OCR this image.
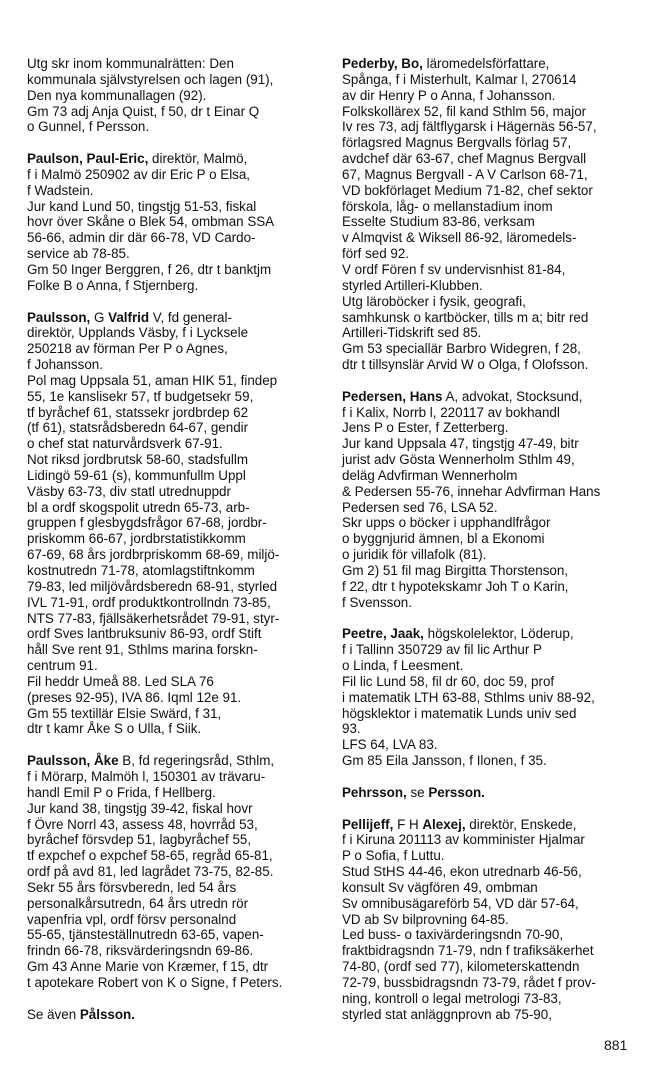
Utg skr inom kommunalrätten: Den
kommunala självstyrelsen och lagen (91),
Den nya kommunallagen (92).
Gm 73 adj Anja Quist, f 50, dr t Einar Q
o Gunnel, f Persson.
Paulson, Paul-Eric, direktör, Malmö,
f i Malmö 250902 av dir Eric P o Elsa,
f Wadstein.
Jur kand Lund 50, tingstjg 51-53, fiskal
hovr över Skåne o Blek 54, ombman SSA
56-66, admin dir där 66-78, VD Cardo-
service ab 78-85.
Gm 50 Inger Berggren, f 26, dtr t banktjm
Folke B o Anna, f Stjernberg.
Paulsson, G Valfrid V, fd general-
direktör, Upplands Väsby, f i Lycksele
250218 av förman Per P o Agnes,
f Johansson.
Pol mag Uppsala 51, aman HIK 51, findep
55, 1e kanslisekr 57, tf budgetsekr 59,
tf byråchef 61, statssekr jordbrdep 62
(tf 61), statsrådsberedn 64-67, gendir
o chef stat naturvårdsverk 67-91.
Not riksd jordbrutsk 58-60, stadsfullm
Lidingö 59-61 (s), kommunfullm Uppl
Väsby 63-73, div statl utrednuppdr
bl a ordf skogspolit utredn 65-73, arb-
gruppen f glesbygdsfrågor 67-68, jordbr-
priskomm 66-67, jordbrstatistikkomm
67-69, 68 års jordbrpriskomm 68-69, miljö-
kostnutredn 71-78, atomlagstiftnkomm
79-83, led miljövårdsberedn 68-91, styrled
IVL 71-91, ordf produktkontrollndn 73-85,
NTS 77-83, fjällsäkerhetsrådet 79-91, styr-
ordf Sves lantbruksuniv 86-93, ordf Stift
håll Sve rent 91, Sthlms marina forskn-
centrum 91.
Fil heddr Umeå 88. Led SLA 76
(preses 92-95), IVA 86. Iqml 12e 91.
Gm 55 textillär Elsie Swärd, f 31,
dtr t kamr Åke S o Ulla, f Siik.
Paulsson, Åke B, fd regeringsråd, Sthlm,
f i Mörarp, Malmöh l, 150301 av trävaru-
handl Emil P o Frida, f Hellberg.
Jur kand 38, tingstjg 39-42, fiskal hovr
f Övre Norrl 43, assess 48, hovrråd 53,
byråchef försvdep 51, lagbyråchef 55,
tf expchef o expchef 58-65, regråd 65-81,
ordf på avd 81, led lagrådet 73-75, 82-85.
Sekr 55 års försvberedn, led 54 års
personalkårsutredn, 64 års utredn rör
vapenfria vpl, ordf försv personalnd
55-65, tjänsteställnutredn 63-65, vapen-
frindn 66-78, riksvärderingsndn 69-86.
Gm 43 Anne Marie von Kræmer, f 15, dtr
t apotekare Robert von K o Signe, f Peters.
Se även Pålsson.
Pederby, Bo, läromedelsförfattare,
Spånga, f i Misterhult, Kalmar l, 270614
av dir Henry P o Anna, f Johansson.
Folkskollärex 52, fil kand Sthlm 56, major
Iv res 73, adj fältflygarsk i Hägernäs 56-57,
förlagsred Magnus Bergvalls förlag 57,
avdchef där 63-67, chef Magnus Bergvall
67, Magnus Bergvall - A V Carlson 68-71,
VD bokförlaget Medium 71-82, chef sektor
förskola, låg- o mellanstadium inom
Esselte Studium 83-86, verksam
v Almqvist & Wiksell 86-92, läromedels-
förf sed 92.
V ordf Fören f sv undervisnhist 81-84,
styrled Artilleri-Klubben.
Utg läroböcker i fysik, geografi,
samhkunsk o kartböcker, tills m a; bitr red
Artilleri-Tidskrift sed 85.
Gm 53 speciallär Barbro Widegren, f 28,
dtr t tillsynslär Arvid W o Olga, f Olofsson.
Pedersen, Hans A, advokat, Stocksund,
f i Kalix, Norrb l, 220117 av bokhandl
Jens P o Ester, f Zetterberg.
Jur kand Uppsala 47, tingstjg 47-49, bitr
jurist adv Gösta Wennerholm Sthlm 49,
deläg Advfirman Wennerholm
& Pedersen 55-76, innehar Advfirman Hans
Pedersen sed 76, LSA 52.
Skr upps o böcker i upphandlfrågor
o byggnjurid ämnen, bl a Ekonomi
o juridik för villafolk (81).
Gm 2) 51 fil mag Birgitta Thorstenson,
f 22, dtr t hypotekskamr Joh T o Karin,
f Svensson.
Peetre, Jaak, högskolelektor, Löderup,
f i Tallinn 350729 av fil lic Arthur P
o Linda, f Leesment.
Fil lic Lund 58, fil dr 60, doc 59, prof
i matematik LTH 63-88, Sthlms univ 88-92,
högsklektor i matematik Lunds univ sed
93.
LFS 64, LVA 83.
Gm 85 Eila Jansson, f Ilonen, f 35.
Pehrsson, se Persson.
Pellijeff, F H Alexej, direktör, Enskede,
f i Kiruna 201113 av komminister Hjalmar
P o Sofia, f Luttu.
Stud StHS 44-46, ekon utrednarb 46-56,
konsult Sv vägfören 49, ombman
Sv omnibusägareförb 54, VD där 57-64,
VD ab Sv bilprovning 64-85.
Led buss- o taxivärderingsndn 70-90,
fraktbidragsndn 71-79, ndn f trafiksäkerhet
74-80, (ordf sed 77), kilometerskattendn
72-79, bussbidragsndn 73-79, rådet f prov-
ning, kontroll o legal metrologi 73-83,
styrled stat anläggnprovn ab 75-90,
881
